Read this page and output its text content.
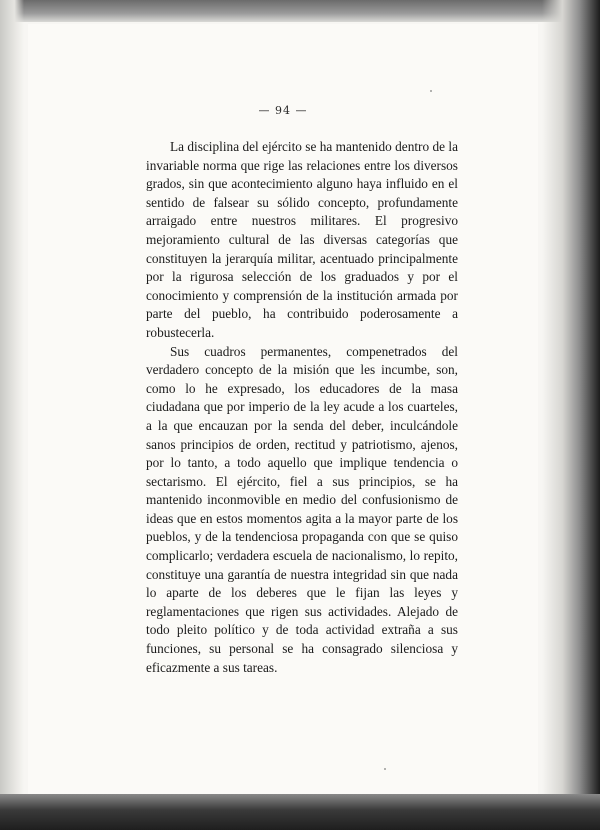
— 94 —

La disciplina del ejército se ha mantenido dentro de la invariable norma que rige las relaciones entre los diversos grados, sin que acontecimiento alguno haya influido en el sentido de falsear su sólido concepto, profundamente arraigado entre nuestros militares. El progresivo mejoramiento cultural de las diversas categorías que constituyen la jerarquía militar, acentuado principalmente por la rigurosa selección de los graduados y por el conocimiento y comprensión de la institución armada por parte del pueblo, ha contribuido poderosamente a robustecerla.

Sus cuadros permanentes, compenetrados del verdadero concepto de la misión que les incumbe, son, como lo he expresado, los educadores de la masa ciudadana que por imperio de la ley acude a los cuarteles, a la que encauzan por la senda del deber, inculcándole sanos principios de orden, rectitud y patriotismo, ajenos, por lo tanto, a todo aquello que implique tendencia o sectarismo. El ejército, fiel a sus principios, se ha mantenido inconmovible en medio del confusionismo de ideas que en estos momentos agita a la mayor parte de los pueblos, y de la tendenciosa propaganda con que se quiso complicarlo; verdadera escuela de nacionalismo, lo repito, constituye una garantía de nuestra integridad sin que nada lo aparte de los deberes que le fijan las leyes y reglamentaciones que rigen sus actividades. Alejado de todo pleito político y de toda actividad extraña a sus funciones, su personal se ha consagrado silenciosa y eficazmente a sus tareas.
